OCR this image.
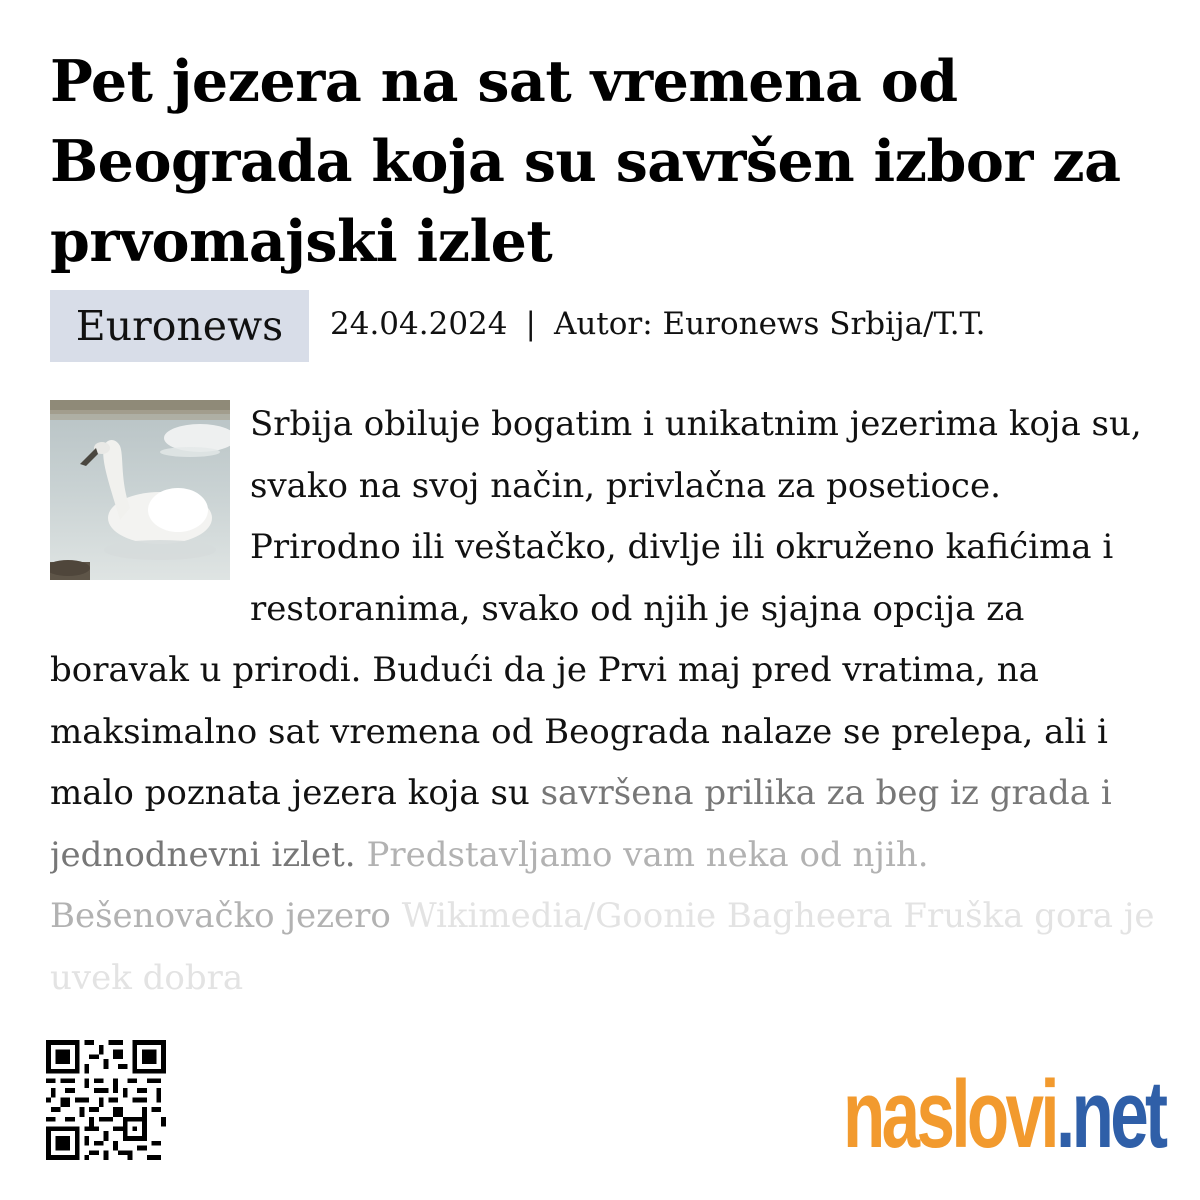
Pet jezera na sat vremena od Beograda koja su savršen izbor za prvomajski izlet
Euronews	24.04.2024 | Autor: Euronews Srbija/T.T.
Srbija obiluje bogatim i unikatnim jezerima koja su, svako na svoj način, privlačna za posetioce. Prirodno ili veštačko, divlje ili okruženo kafićima i restoranima, svako od njih je sjajna opcija za boravak u prirodi. Budući da je Prvi maj pred vratima, na maksimalno sat vremena od Beograda nalaze se prelepa, ali i malo poznata jezera koja su savršena prilika za beg iz grada i jednodnevni izlet. Predstavljamo vam neka od njih. Bešenovačko jezero Wikimedia/Goonie Bagheera Fruška gora je uvek dobra
naslovi.net
